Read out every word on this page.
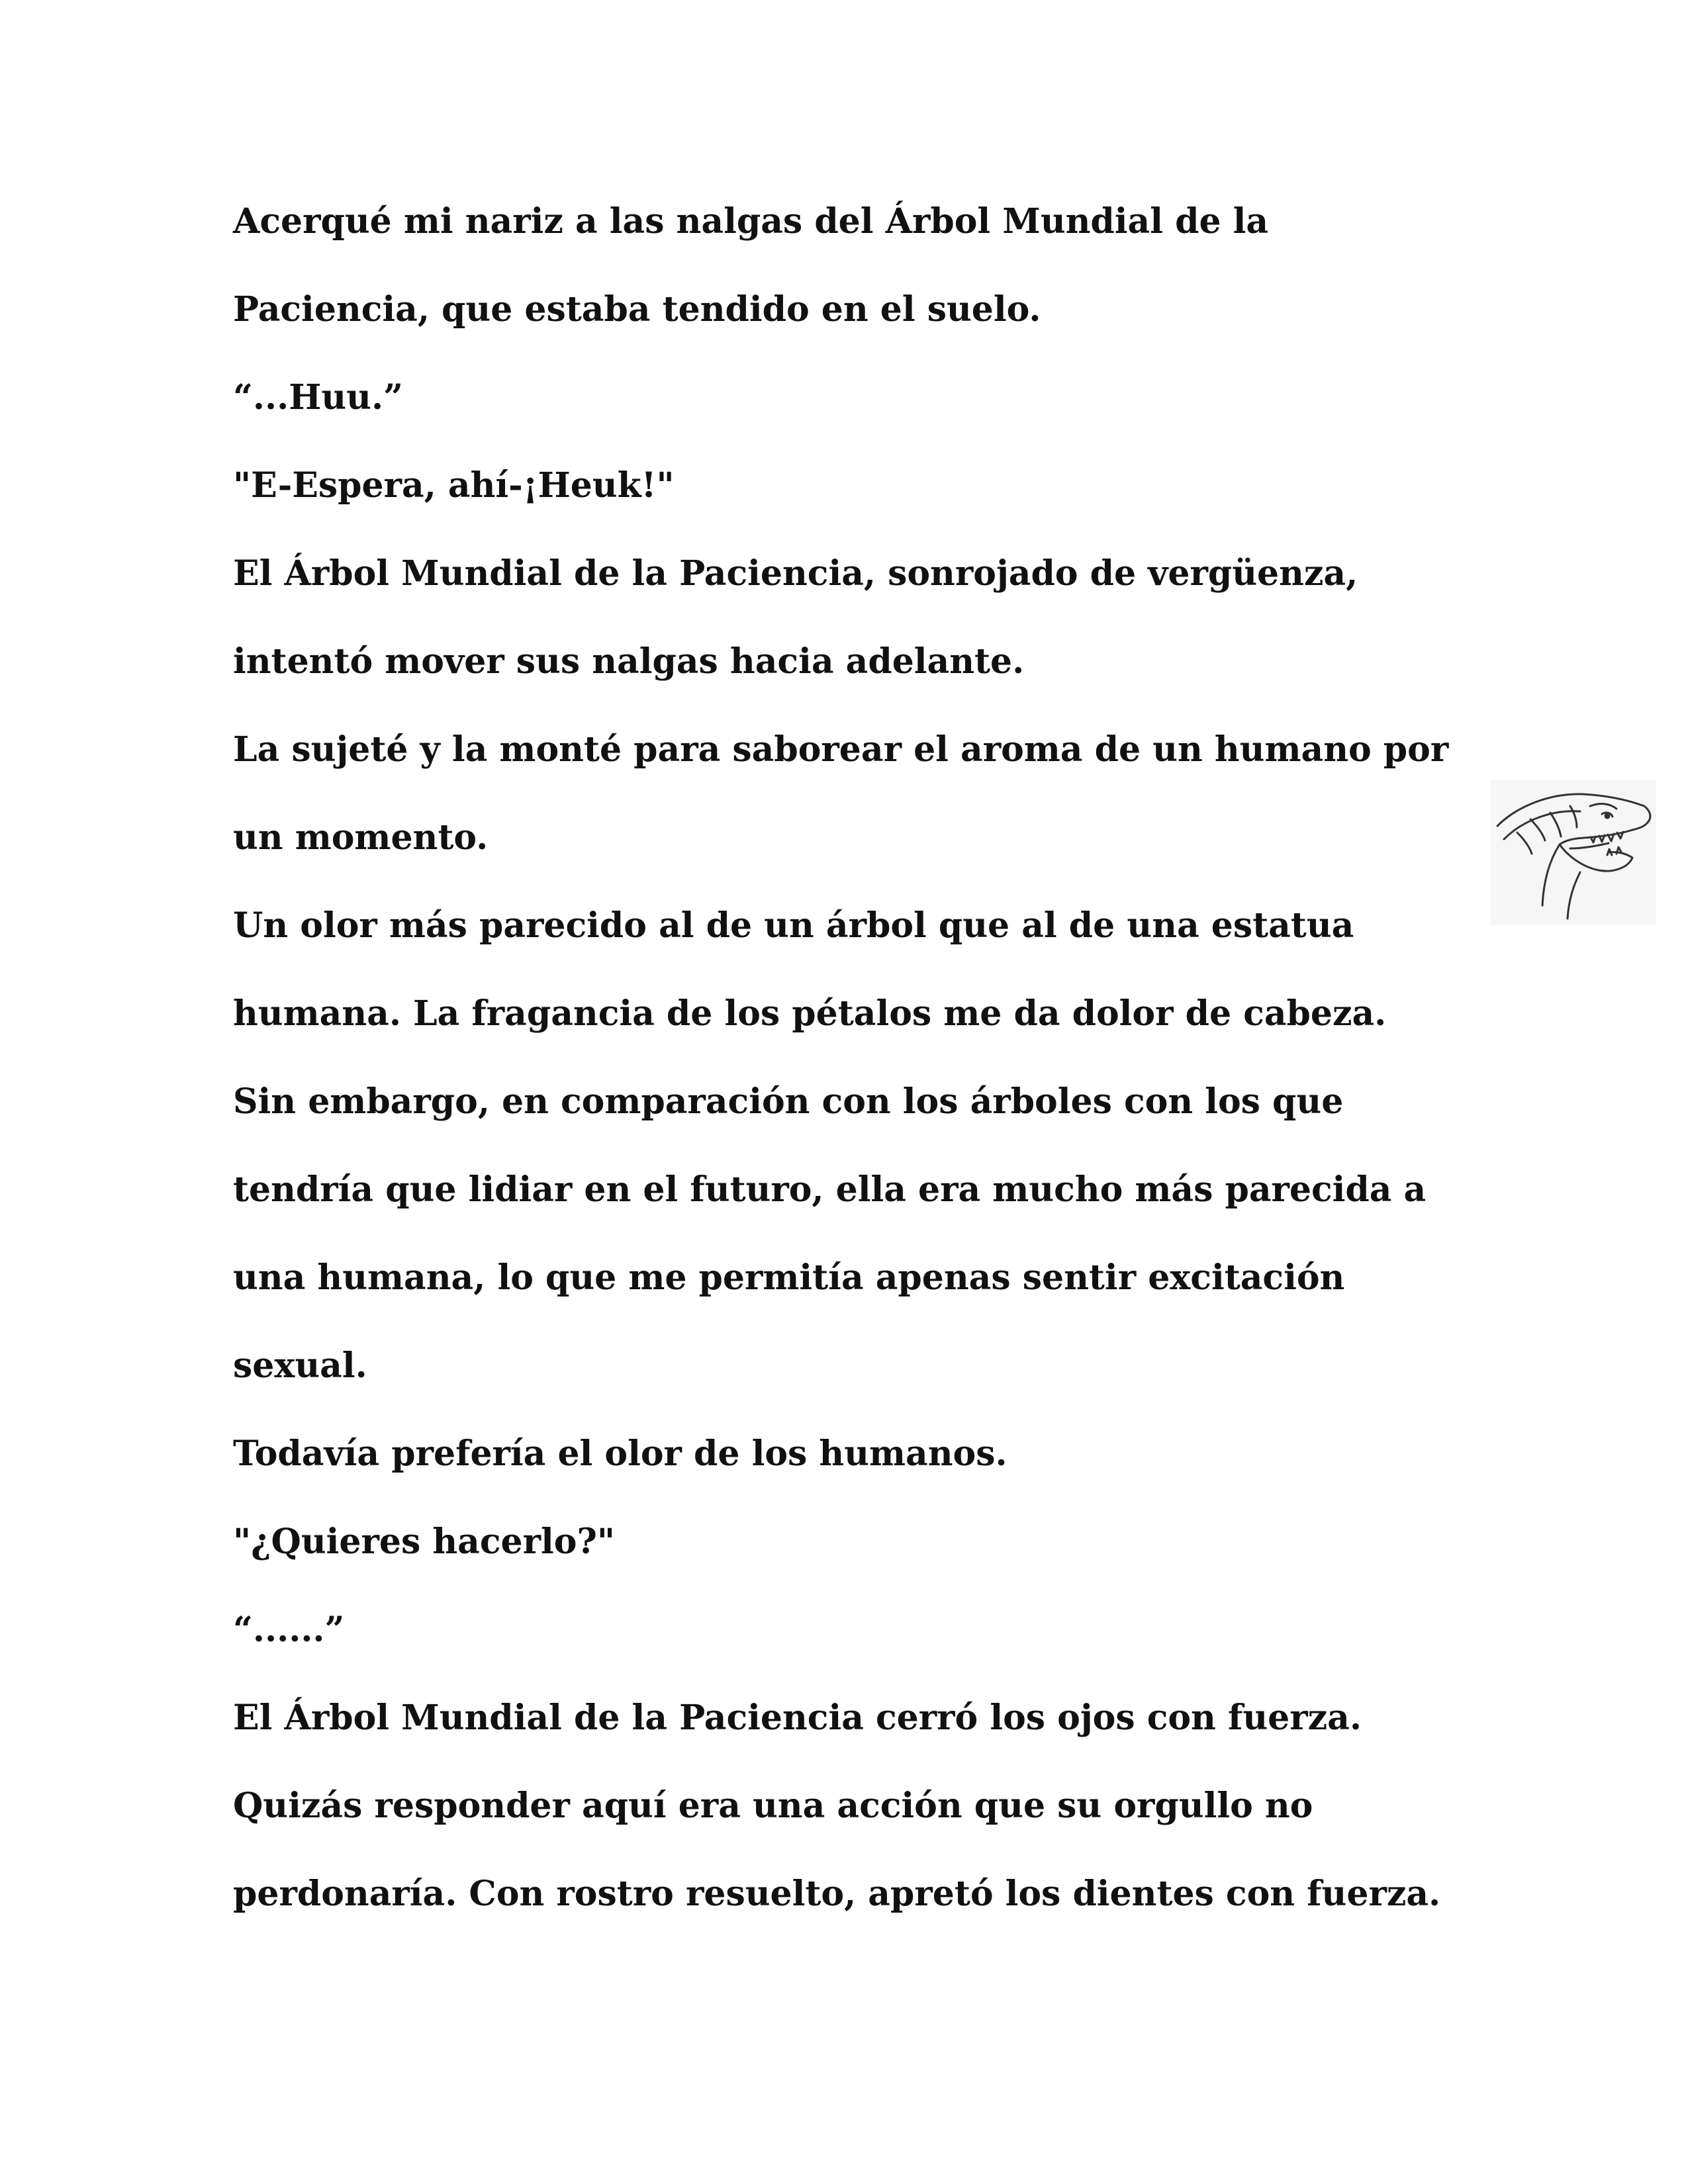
Acerqué mi nariz a las nalgas del Árbol Mundial de la

Paciencia, que estaba tendido en el suelo.

“...Huu.”

"E-Espera, ahí-¡Heuk!"

El Árbol Mundial de la Paciencia, sonrojado de vergüenza,

intentó mover sus nalgas hacia adelante.

La sujeté y la monté para saborear el aroma de un humano por

un momento.

Un olor más parecido al de un árbol que al de una estatua

humana. La fragancia de los pétalos me da dolor de cabeza.

Sin embargo, en comparación con los árboles con los que

tendría que lidiar en el futuro, ella era mucho más parecida a

una humana, lo que me permitía apenas sentir excitación

sexual.

Todavía prefería el olor de los humanos.

"¿Quieres hacerlo?"

“......”

El Árbol Mundial de la Paciencia cerró los ojos con fuerza.

Quizás responder aquí era una acción que su orgullo no

perdonaría. Con rostro resuelto, apretó los dientes con fuerza.
